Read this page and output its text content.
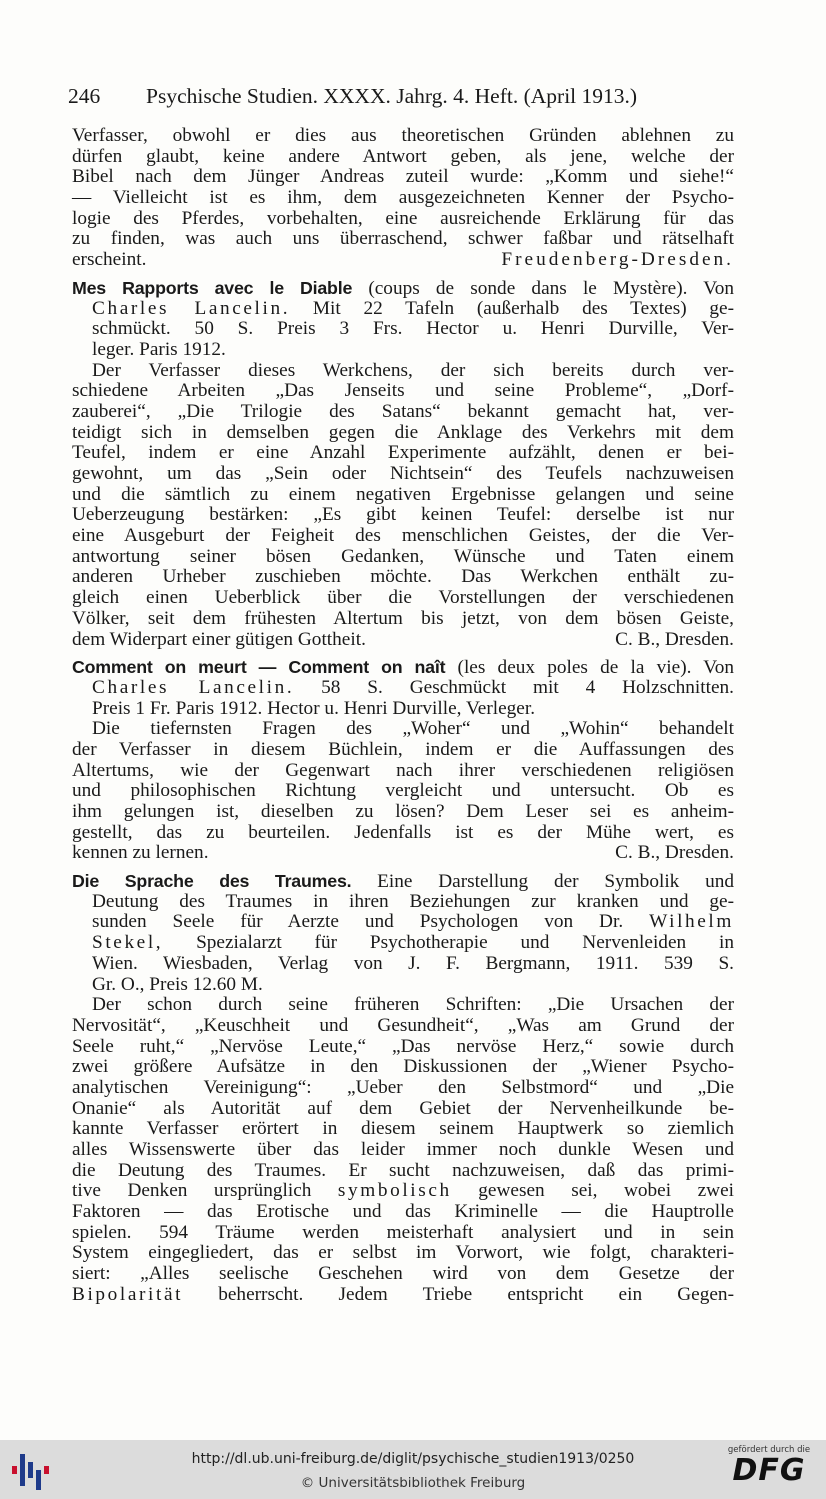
246 Psychische Studien. XXXX. Jahrg. 4. Heft. (April 1913.)
Verfasser, obwohl er dies aus theoretischen Gründen ablehnen zu
dürfen glaubt, keine andere Antwort geben, als jene, welche der
Bibel nach dem Jünger Andreas zuteil wurde: „Komm und siehe!“
— Vielleicht ist es ihm, dem ausgezeichneten Kenner der Psycho-
logie des Pferdes, vorbehalten, eine ausreichende Erklärung für das
zu finden, was auch uns überraschend, schwer faßbar und rätselhaft
erscheint.	Freudenberg-Dresden.
Mes Rapports avec le Diable (coups de sonde dans le Mystère). Von
Charles Lancelin. Mit 22 Tafeln (außerhalb des Textes) ge-
schmückt. 50 S. Preis 3 Frs. Hector u. Henri Durville, Ver-
leger. Paris 1912.
Der Verfasser dieses Werkchens, der sich bereits durch ver-
schiedene Arbeiten „Das Jenseits und seine Probleme“, „Dorf-
zauberei“, „Die Trilogie des Satans“ bekannt gemacht hat, ver-
teidigt sich in demselben gegen die Anklage des Verkehrs mit dem
Teufel, indem er eine Anzahl Experimente aufzählt, denen er bei-
gewohnt, um das „Sein oder Nichtsein“ des Teufels nachzuweisen
und die sämtlich zu einem negativen Ergebnisse gelangen und seine
Ueberzeugung bestärken: „Es gibt keinen Teufel: derselbe ist nur
eine Ausgeburt der Feigheit des menschlichen Geistes, der die Ver-
antwortung seiner bösen Gedanken, Wünsche und Taten einem
anderen Urheber zuschieben möchte. Das Werkchen enthält zu-
gleich einen Ueberblick über die Vorstellungen der verschiedenen
Völker, seit dem frühesten Altertum bis jetzt, von dem bösen Geiste,
dem Widerpart einer gütigen Gottheit.	C. B., Dresden.
Comment on meurt — Comment on naît (les deux poles de la vie). Von
Charles Lancelin. 58 S. Geschmückt mit 4 Holzschnitten.
Preis 1 Fr. Paris 1912. Hector u. Henri Durville, Verleger.
Die tiefernsten Fragen des „Woher“ und „Wohin“ behandelt
der Verfasser in diesem Büchlein, indem er die Auffassungen des
Altertums, wie der Gegenwart nach ihrer verschiedenen religiösen
und philosophischen Richtung vergleicht und untersucht. Ob es
ihm gelungen ist, dieselben zu lösen? Dem Leser sei es anheim-
gestellt, das zu beurteilen. Jedenfalls ist es der Mühe wert, es
kennen zu lernen.	C. B., Dresden.
Die Sprache des Traumes. Eine Darstellung der Symbolik und
Deutung des Traumes in ihren Beziehungen zur kranken und ge-
sunden Seele für Aerzte und Psychologen von Dr. Wilhelm
Stekel, Spezialarzt für Psychotherapie und Nervenleiden in
Wien. Wiesbaden, Verlag von J. F. Bergmann, 1911. 539 S.
Gr. O., Preis 12.60 M.
Der schon durch seine früheren Schriften: „Die Ursachen der
Nervosität“, „Keuschheit und Gesundheit“, „Was am Grund der
Seele ruht,“ „Nervöse Leute,“ „Das nervöse Herz,“ sowie durch
zwei größere Aufsätze in den Diskussionen der „Wiener Psycho-
analytischen Vereinigung“: „Ueber den Selbstmord“ und „Die
Onanie“ als Autorität auf dem Gebiet der Nervenheilkunde be-
kannte Verfasser erörtert in diesem seinem Hauptwerk so ziemlich
alles Wissenswerte über das leider immer noch dunkle Wesen und
die Deutung des Traumes. Er sucht nachzuweisen, daß das primi-
tive Denken ursprünglich symbolisch gewesen sei, wobei zwei
Faktoren — das Erotische und das Kriminelle — die Hauptrolle
spielen. 594 Träume werden meisterhaft analysiert und in sein
System eingegliedert, das er selbst im Vorwort, wie folgt, charakteri-
siert: „Alles seelische Geschehen wird von dem Gesetze der
Bipolarität beherrscht. Jedem Triebe entspricht ein Gegen-
http://dl.ub.uni-freiburg.de/diglit/psychische_studien1913/0250
© Universitätsbibliothek Freiburg
gefördert durch die
DFG
